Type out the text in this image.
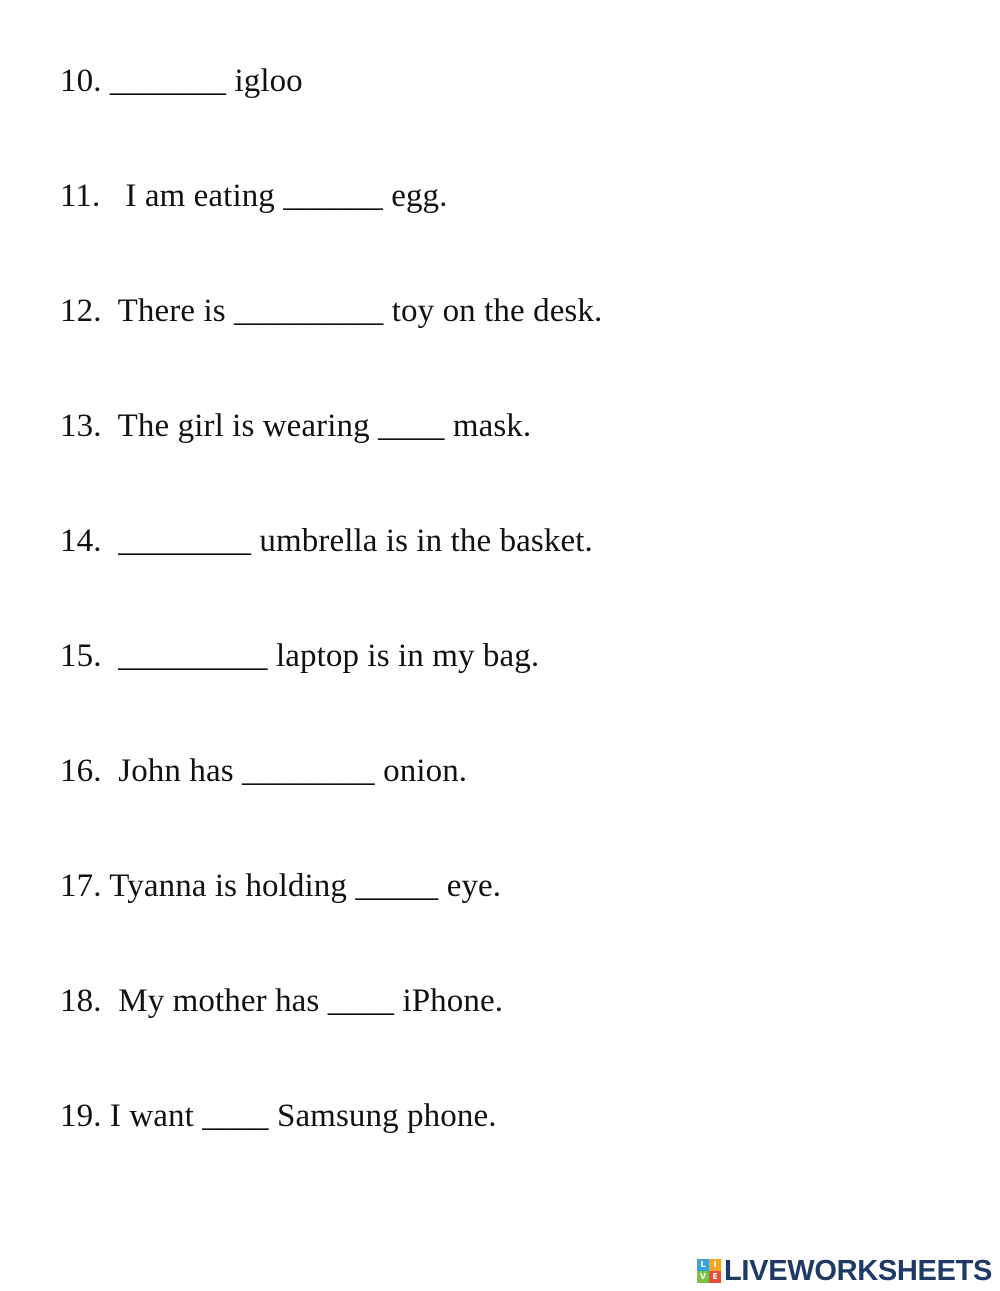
10. _______ igloo
11.   I am eating ______ egg.
12.  There is _________ toy on the desk.
13.  The girl is wearing ____ mask.
14.  ________ umbrella is in the basket.
15.  _________ laptop is in my bag.
16.  John has ________ onion.
17. Tyanna is holding _____ eye.
18.  My mother has ____ iPhone.
19. I want ____ Samsung phone.
L I
V E LIVEWORKSHEETS
